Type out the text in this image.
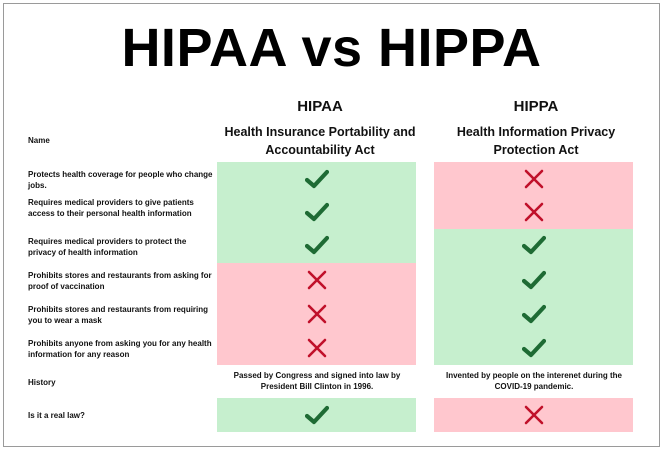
HIPAA vs HIPPA
HIPAA
Health Insurance Portability and Accountability Act
HIPPA
Health Information Privacy Protection Act
Name
Protects health coverage for people who change jobs.
Requires medical providers to give patients access to their personal health information
Requires medical providers to protect the privacy of health information
Prohibits stores and restaurants from asking for proof of vaccination
Prohibits stores and restaurants from requiring you to wear a mask
Prohibits anyone from asking you for any health information for any reason
History
Passed by Congress and signed into law by President Bill Clinton in 1996.
Invented by people on the interenet during the COVID-19 pandemic.
Is it a real law?
